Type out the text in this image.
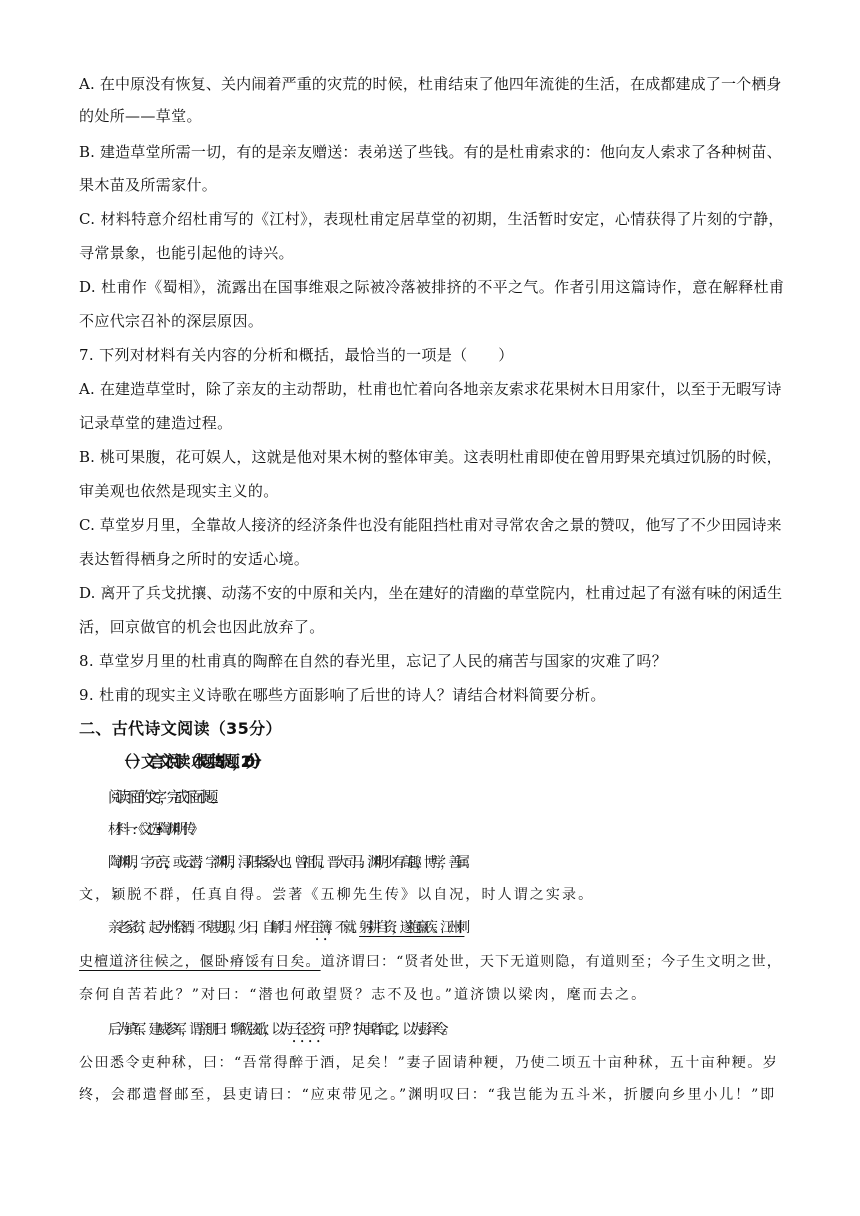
A. 在中原没有恢复、关内闹着严重的灾荒的时候，杜甫结束了他四年流徙的生活，在成都建成了一个栖身
的处所——草堂。
B. 建造草堂所需一切，有的是亲友赠送：表弟送了些钱。有的是杜甫索求的：他向友人索求了各种树苗、
果木苗及所需家什。
C. 材料特意介绍杜甫写的《江村》，表现杜甫定居草堂的初期，生活暂时安定，心情获得了片刻的宁静，
寻常景象，也能引起他的诗兴。
D. 杜甫作《蜀相》，流露出在国事维艰之际被冷落被排挤的不平之气。作者引用这篇诗作，意在解释杜甫
不应代宗召补的深层原因。
7. 下列对材料有关内容的分析和概括，最恰当的一项是（　　）
A. 在建造草堂时，除了亲友的主动帮助，杜甫也忙着向各地亲友索求花果树木日用家什，以至于无暇写诗
记录草堂的建造过程。
B. 桃可果腹，花可娱人，这就是他对果木树的整体审美。这表明杜甫即使在曾用野果充填过饥肠的时候，
审美观也依然是现实主义的。
C. 草堂岁月里，全靠故人接济的经济条件也没有能阻挡杜甫对寻常农舍之景的赞叹，他写了不少田园诗来
表达暂得栖身之所时的安适心境。
D. 离开了兵戈扰攘、动荡不安的中原和关内，坐在建好的清幽的草堂院内，杜甫过起了有滋有味的闲适生
活，回京做官的机会也因此放弃了。
8. 草堂岁月里的杜甫真的陶醉在自然的春光里，忘记了人民的痛苦与国家的灾难了吗？
9. 杜甫的现实主义诗歌在哪些方面影响了后世的诗人？请结合材料简要分析。
二、古代诗文阅读（35分）
（一）文言文阅读（本题共 5 小题，20 分）
阅读下面的文字，完成下面小题。
材料一:《文选•陶渊明传》
陶渊明，字元亮，或云潜，字渊明，浔阳柴桑人也。曾祖侃，晋大司马。渊明少有高趣，博学，善属
文，颖脱不群，任真自得。尝著《五柳先生传》以自况，时人谓之实录。
亲老家贫，起为州祭酒，不堪吏职，少日，自解归。州召主簿，不就。躬耕自资，遂抱羸疾。江州刺
史檀道济往候之，偃卧瘠馁有日矣。道济谓曰：“贤者处世，天下无道则隐，有道则至；今子生文明之世，
奈何自苦若此？”对曰：“潜也何敢望贤？志不及也。”道济馈以梁肉，麾而去之。
后为镇军、建威参军，谓亲朋曰：“聊欲弦歌，以为三径之资，可乎？”执事者闻之，以为彭泽令。
公田悉令吏种秫，曰：“吾常得醉于酒，足矣！”妻子固请种粳，乃使二顷五十亩种秫，五十亩种粳。岁
终，会郡遣督邮至，县吏请曰：“应束带见之。”渊明叹曰：“我岂能为五斗米，折腰向乡里小儿！”即
